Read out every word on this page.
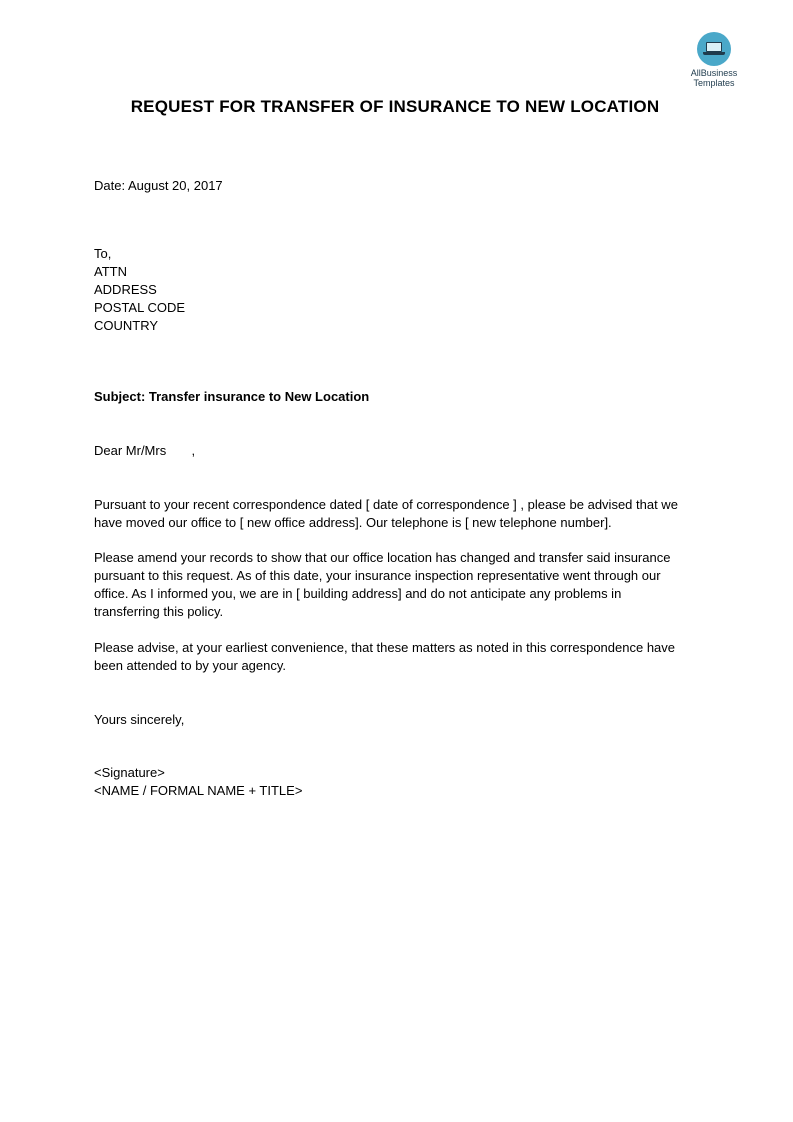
AllBusiness
Templates
REQUEST FOR TRANSFER OF INSURANCE TO NEW LOCATION
Date: August 20, 2017
To,
ATTN
ADDRESS
POSTAL CODE
COUNTRY
Subject: Transfer insurance to New Location
Dear Mr/Mrs       ,
Pursuant to your recent correspondence dated [ date of correspondence ] , please be advised that we
have moved our office to [ new office address]. Our telephone is [ new telephone number].
Please amend your records to show that our office location has changed and transfer said insurance
pursuant to this request. As of this date, your insurance inspection representative went through our
office. As I informed you, we are in [ building address] and do not anticipate any problems in
transferring this policy.
Please advise, at your earliest convenience, that these matters as noted in this correspondence have
been attended to by your agency.
Yours sincerely,
<Signature>
<NAME / FORMAL NAME + TITLE>
